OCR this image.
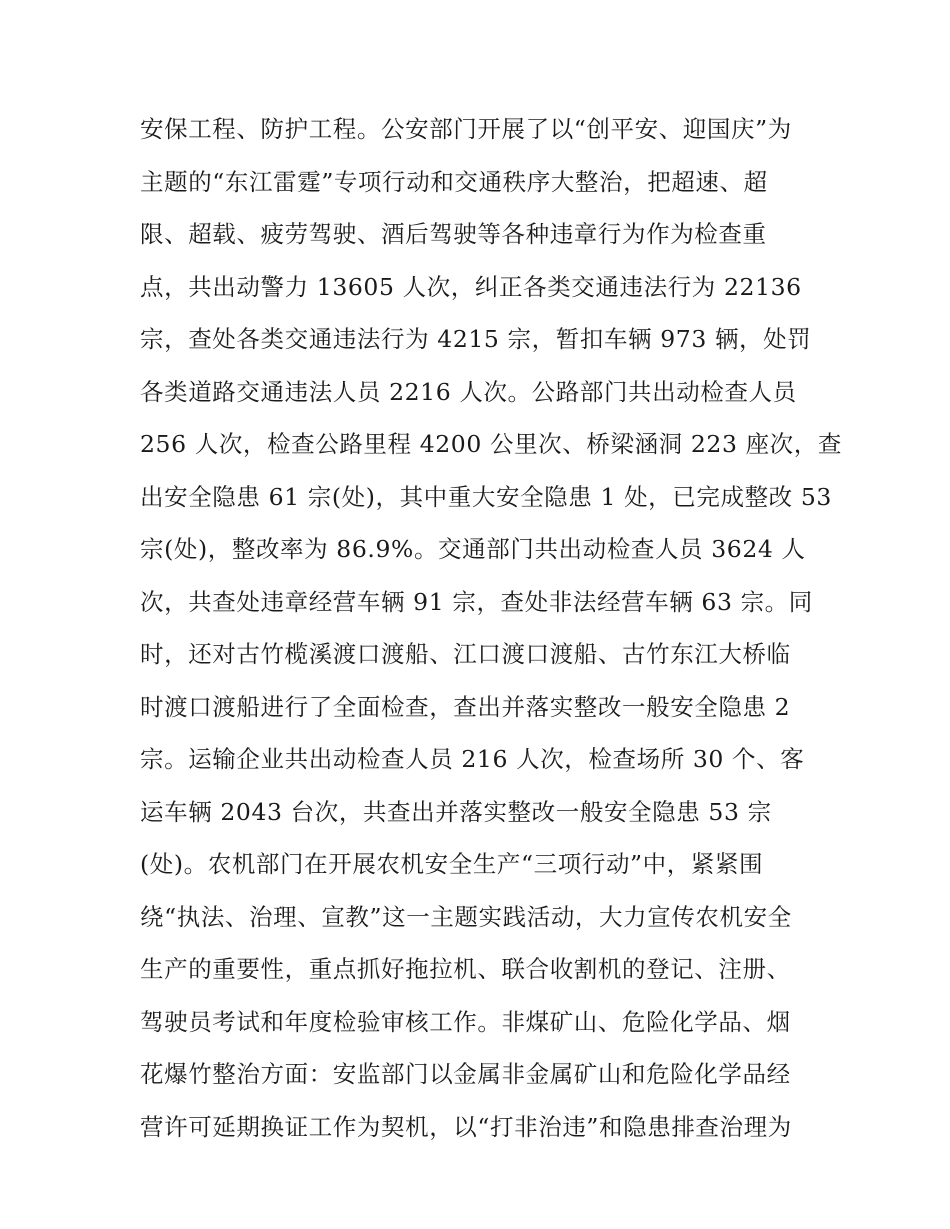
安保工程、防护工程。公安部门开展了以“创平安、迎国庆”为
主题的“东江雷霆”专项行动和交通秩序大整治，把超速、超
限、超载、疲劳驾驶、酒后驾驶等各种违章行为作为检查重
点，共出动警力 13605 人次，纠正各类交通违法行为 22136
宗，查处各类交通违法行为 4215 宗，暂扣车辆 973 辆，处罚
各类道路交通违法人员 2216 人次。公路部门共出动检查人员
256 人次，检查公路里程 4200 公里次、桥梁涵洞 223 座次，查
出安全隐患 61 宗(处)，其中重大安全隐患 1 处，已完成整改 53
宗(处)，整改率为 86.9%。交通部门共出动检查人员 3624 人
次，共查处违章经营车辆 91 宗，查处非法经营车辆 63 宗。同
时，还对古竹榄溪渡口渡船、江口渡口渡船、古竹东江大桥临
时渡口渡船进行了全面检查，查出并落实整改一般安全隐患 2
宗。运输企业共出动检查人员 216 人次，检查场所 30 个、客
运车辆 2043 台次，共查出并落实整改一般安全隐患 53 宗
(处)。农机部门在开展农机安全生产“三项行动”中，紧紧围
绕“执法、治理、宣教”这一主题实践活动，大力宣传农机安全
生产的重要性，重点抓好拖拉机、联合收割机的登记、注册、
驾驶员考试和年度检验审核工作。非煤矿山、危险化学品、烟
花爆竹整治方面：安监部门以金属非金属矿山和危险化学品经
营许可延期换证工作为契机，以“打非治违”和隐患排查治理为
